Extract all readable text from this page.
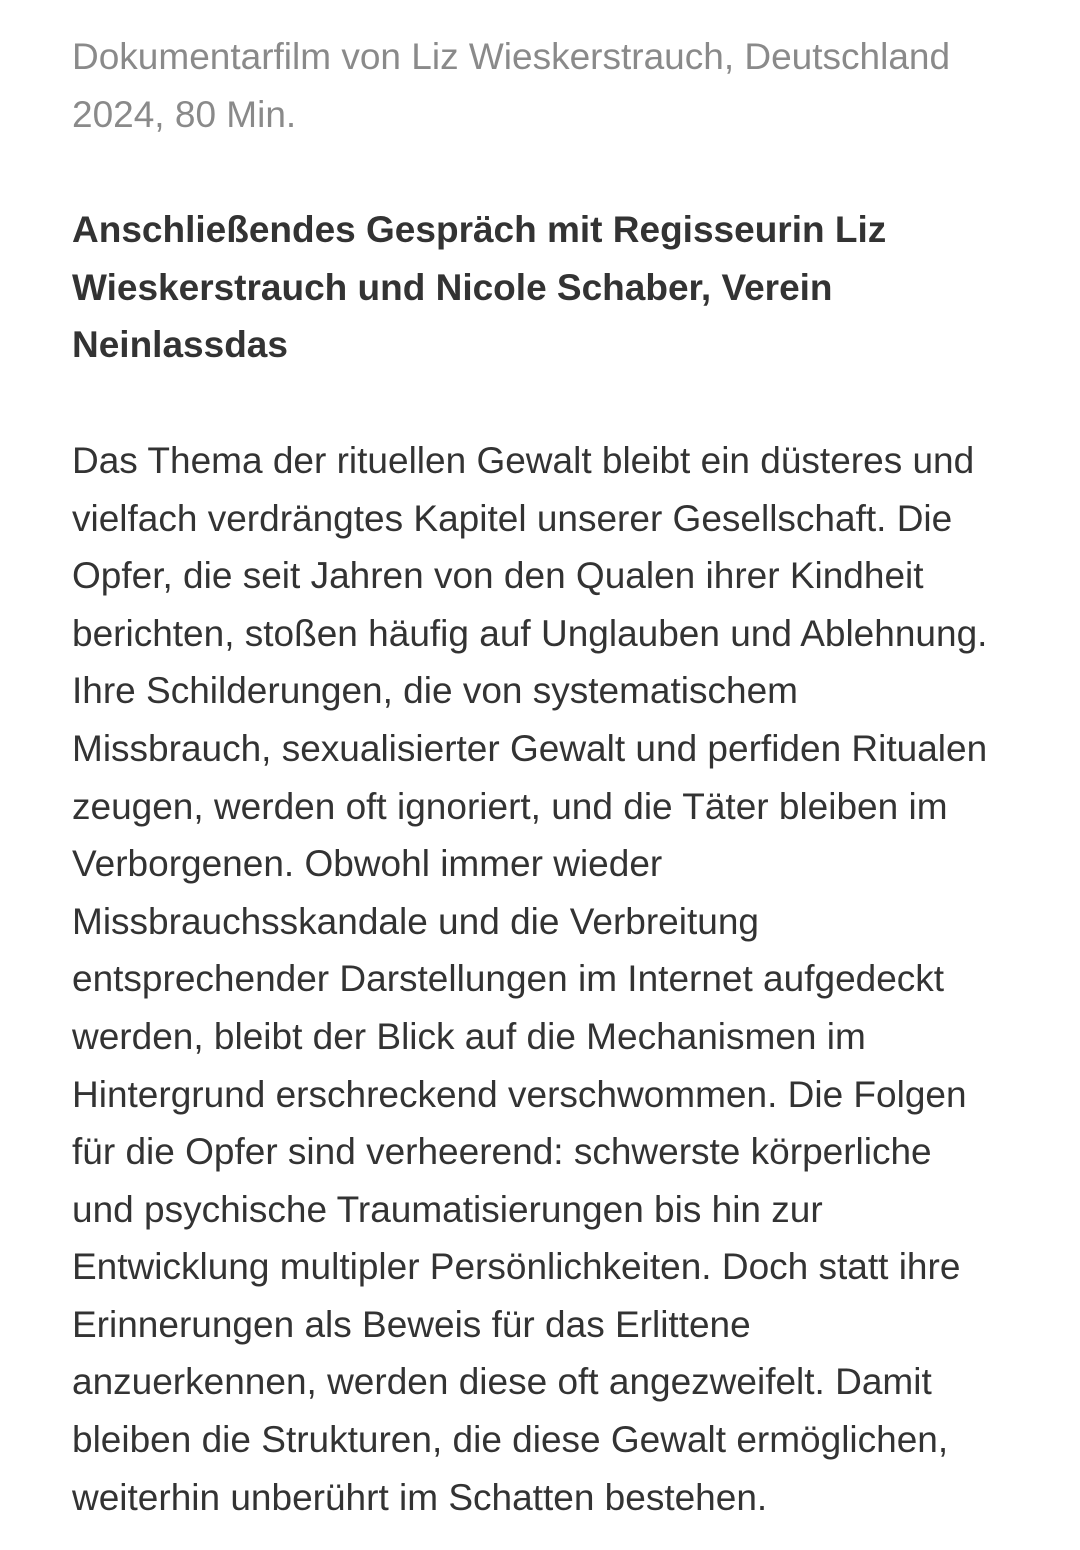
Dokumentarfilm von Liz Wieskerstrauch, Deutschland
2024, 80 Min.

Anschließendes Gespräch mit Regisseurin Liz
Wieskerstrauch und Nicole Schaber, Verein
Neinlassdas

Das Thema der rituellen Gewalt bleibt ein düsteres und
vielfach verdrängtes Kapitel unserer Gesellschaft. Die
Opfer, die seit Jahren von den Qualen ihrer Kindheit
berichten, stoßen häufig auf Unglauben und Ablehnung.
Ihre Schilderungen, die von systematischem
Missbrauch, sexualisierter Gewalt und perfiden Ritualen
zeugen, werden oft ignoriert, und die Täter bleiben im
Verborgenen. Obwohl immer wieder
Missbrauchsskandale und die Verbreitung
entsprechender Darstellungen im Internet aufgedeckt
werden, bleibt der Blick auf die Mechanismen im
Hintergrund erschreckend verschwommen. Die Folgen
für die Opfer sind verheerend: schwerste körperliche
und psychische Traumatisierungen bis hin zur
Entwicklung multipler Persönlichkeiten. Doch statt ihre
Erinnerungen als Beweis für das Erlittene
anzuerkennen, werden diese oft angezweifelt. Damit
bleiben die Strukturen, die diese Gewalt ermöglichen,
weiterhin unberührt im Schatten bestehen.
